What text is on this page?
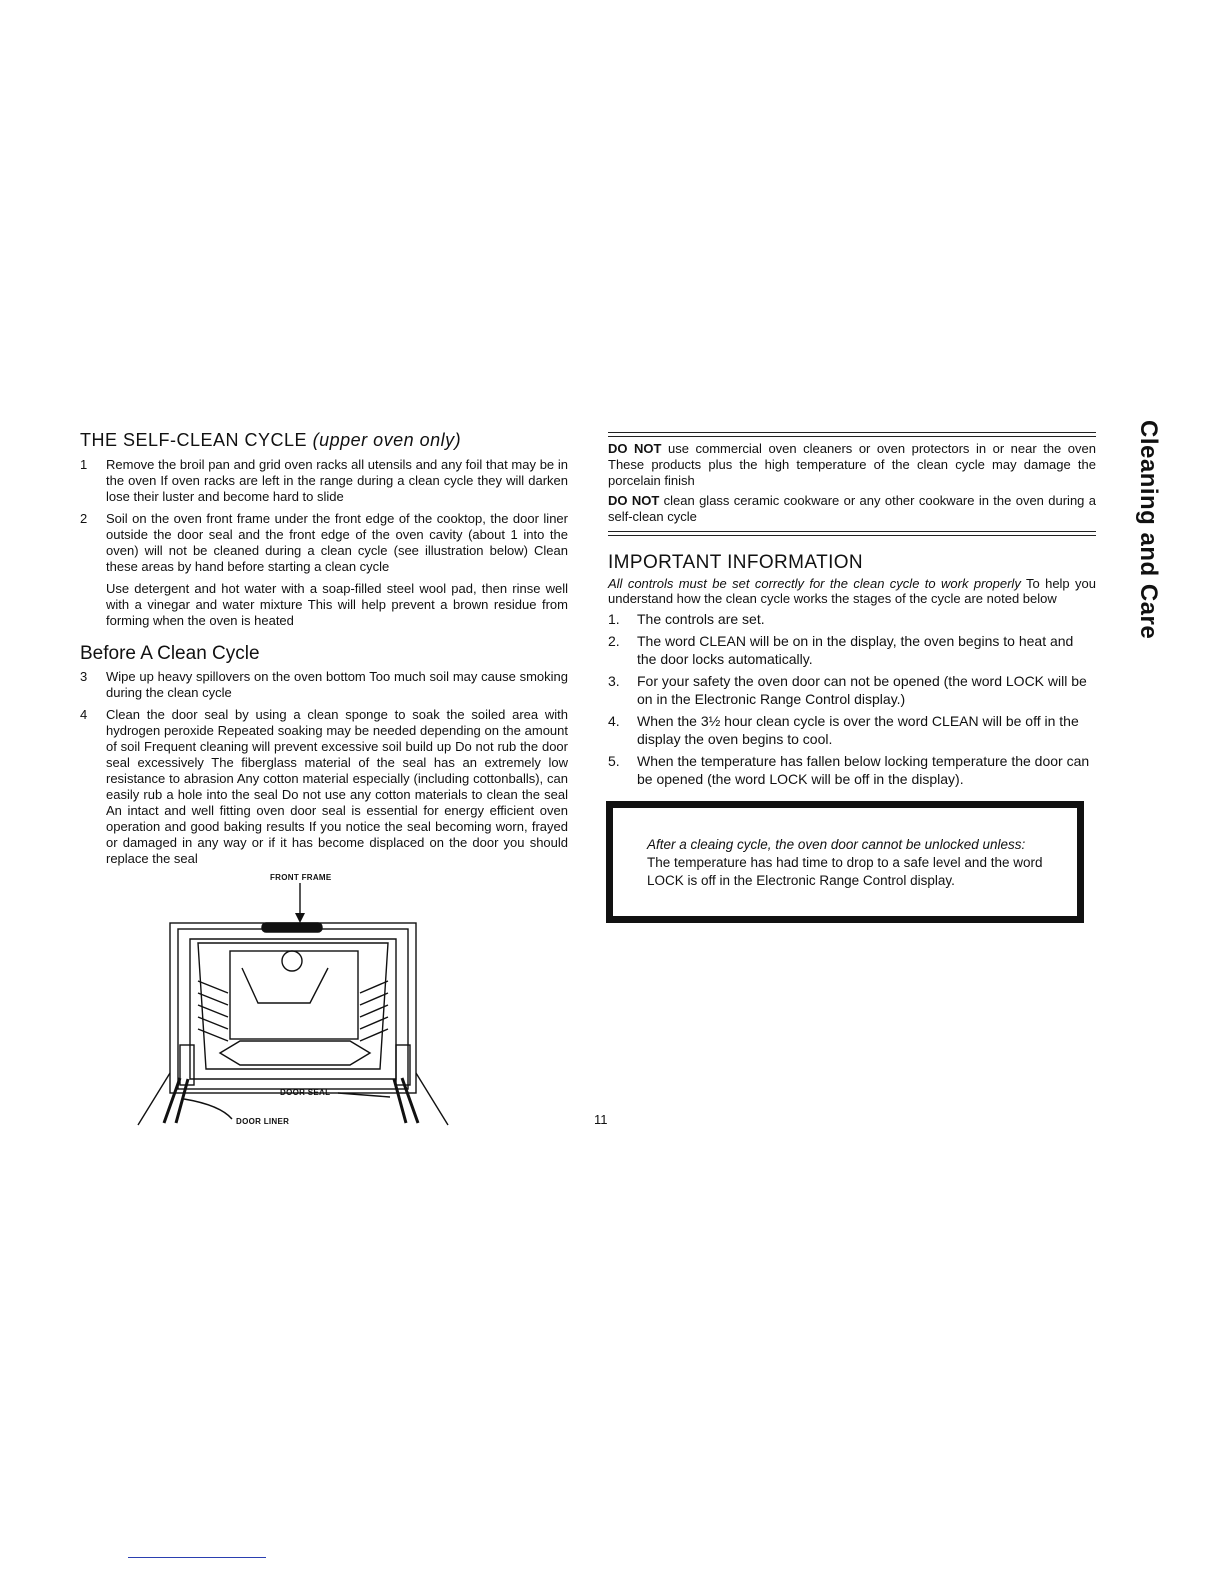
THE SELF-CLEAN CYCLE (upper oven only)
1	Remove the broil pan and grid oven racks all utensils and any foil that may be in the oven If oven racks are left in the range during a clean cycle they will darken lose their luster and become hard to slide
2	Soil on the oven front frame under the front edge of the cooktop, the door liner outside the door seal and the front edge of the oven cavity (about 1 into the oven) will not be cleaned during a clean cycle (see illustration below) Clean these areas by hand before starting a clean cycle
Use detergent and hot water with a soap-filled steel wool pad, then rinse well with a vinegar and water mixture This will help prevent a brown residue from forming when the oven is heated
Before A Clean Cycle
3	Wipe up heavy spillovers on the oven bottom Too much soil may cause smoking during the clean cycle
4	Clean the door seal by using a clean sponge to soak the soiled area with hydrogen peroxide Repeated soaking may be needed depending on the amount of soil Frequent cleaning will prevent excessive soil build up Do not rub the door seal excessively The fiberglass material of the seal has an extremely low resistance to abrasion Any cotton material especially (including cottonballs), can easily rub a hole into the seal Do not use any cotton materials to clean the seal An intact and well fitting oven door seal is essential for energy efficient oven operation and good baking results If you notice the seal becoming worn, frayed or damaged in any way or if it has become displaced on the door you should replace the seal
FRONT FRAME
DOOR SEAL
DOOR LINER

DO NOT use commercial oven cleaners or oven protectors in or near the oven These products plus the high temperature of the clean cycle may damage the porcelain finish

DO NOT clean glass ceramic cookware or any other cookware in the oven during a self-clean cycle

IMPORTANT INFORMATION

All controls must be set correctly for the clean cycle to work properly To help you understand how the clean cycle works the stages of the cycle are noted below

1. The controls are set.
2. The word CLEAN will be on in the display, the oven begins to heat and the door locks automatically.
3. For your safety the oven door can not be opened (the word LOCK will be on in the Electronic Range Control display.)
4. When the 3½ hour clean cycle is over the word CLEAN will be off in the display the oven begins to cool.
5. When the temperature has fallen below locking temperature the door can be opened (the word LOCK will be off in the display).
After a cleaing cycle, the oven door cannot be unlocked unless:
The temperature has had time to drop to a safe level and the word LOCK is off in the Electronic Range Control display.
Cleaning and Care
11
